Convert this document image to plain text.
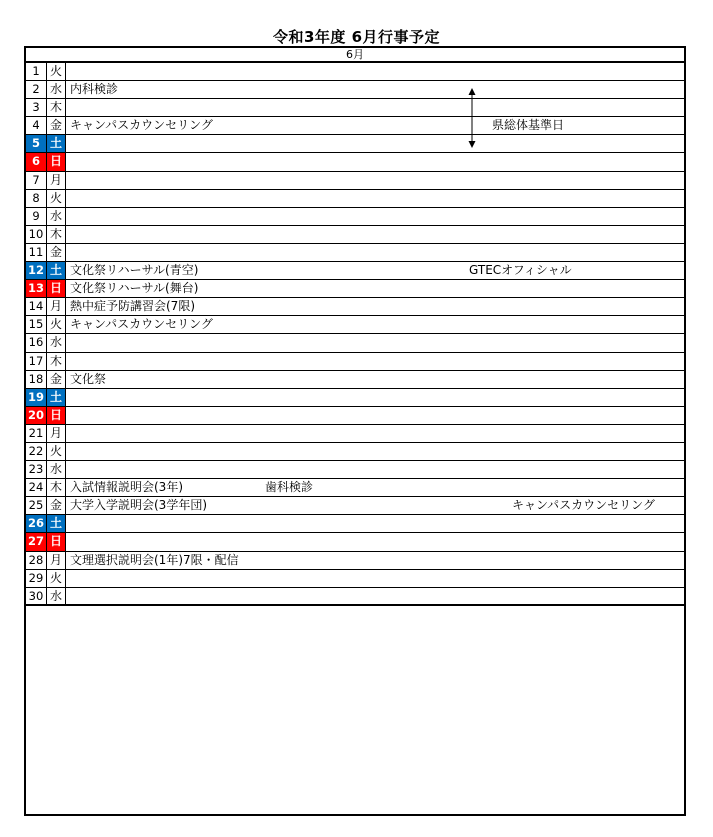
令和3年度 6月行事予定
6月
1 火
2 水 内科検診
3 木
4 金 キャンパスカウンセリング	県総体基準日
5 土
6 日
7 月
8 火
9 水
10 木
11 金
12 土 文化祭リハーサル(青空)	GTECオフィシャル
13 日 文化祭リハーサル(舞台)
14 月 熱中症予防講習会(7限)
15 火 キャンパスカウンセリング
16 水
17 木
18 金 文化祭
19 土
20 日
21 月
22 火
23 水
24 木 入試情報説明会(3年)	歯科検診
25 金 大学入学説明会(3学年団)	キャンパスカウンセリング
26 土
27 日
28 月 文理選択説明会(1年)7限・配信
29 火
30 水
